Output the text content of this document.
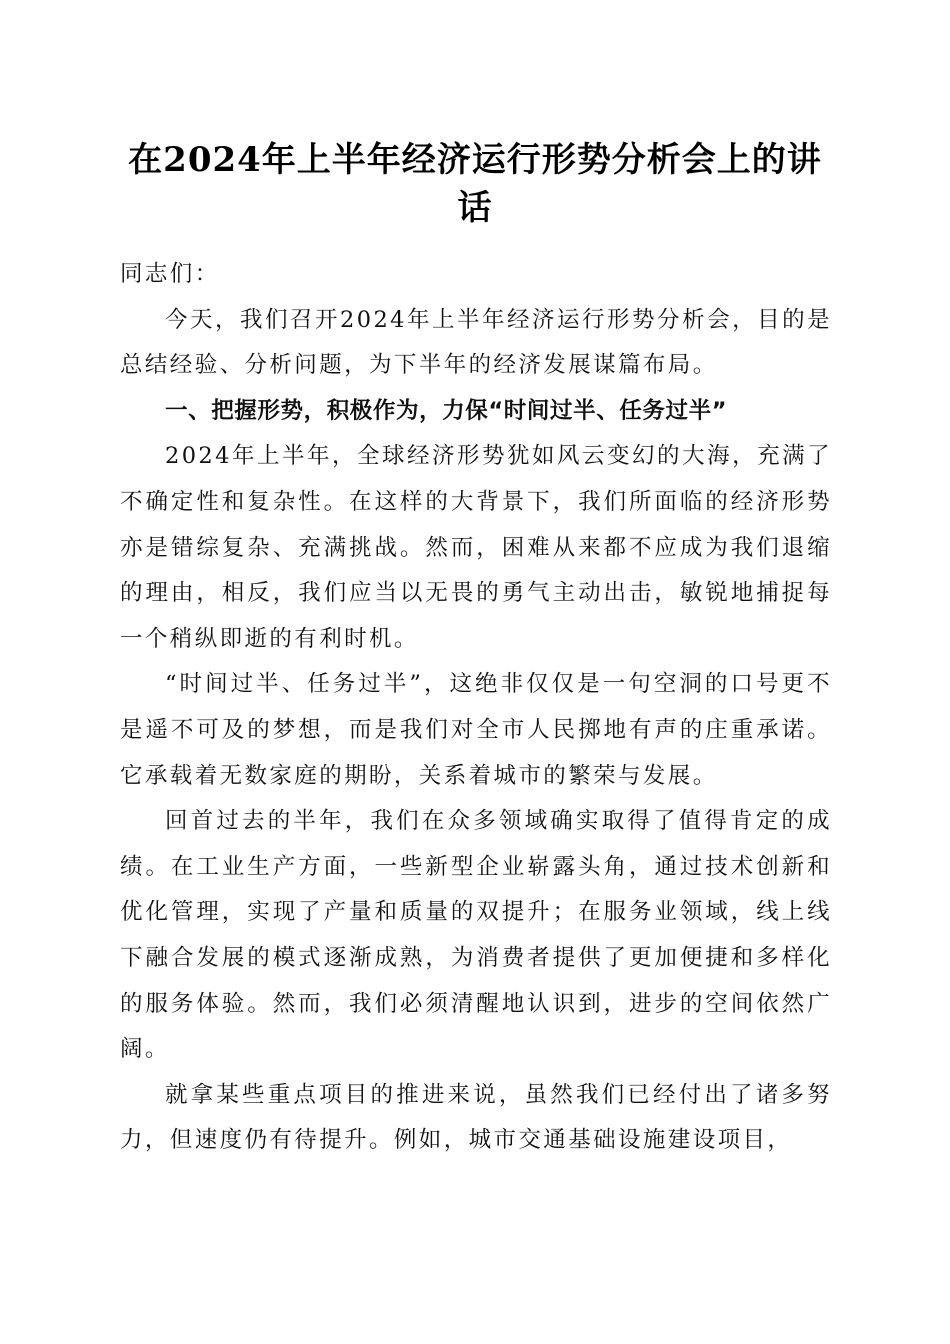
在2024年上半年经济运行形势分析会上的讲话

同志们：

今天，我们召开2024年上半年经济运行形势分析会，目的是总结经验、分析问题，为下半年的经济发展谋篇布局。

一、把握形势，积极作为，力保“时间过半、任务过半”

2024年上半年，全球经济形势犹如风云变幻的大海，充满了不确定性和复杂性。在这样的大背景下，我们所面临的经济形势亦是错综复杂、充满挑战。然而，困难从来都不应成为我们退缩的理由，相反，我们应当以无畏的勇气主动出击，敏锐地捕捉每一个稍纵即逝的有利时机。

“时间过半、任务过半”，这绝非仅仅是一句空洞的口号更不是遥不可及的梦想，而是我们对全市人民掷地有声的庄重承诺。它承载着无数家庭的期盼，关系着城市的繁荣与发展。

回首过去的半年，我们在众多领域确实取得了值得肯定的成绩。在工业生产方面，一些新型企业崭露头角，通过技术创新和优化管理，实现了产量和质量的双提升；在服务业领域，线上线下融合发展的模式逐渐成熟，为消费者提供了更加便捷和多样化的服务体验。然而，我们必须清醒地认识到，进步的空间依然广阔。

就拿某些重点项目的推进来说，虽然我们已经付出了诸多努力，但速度仍有待提升。例如，城市交通基础设施建设项目，
